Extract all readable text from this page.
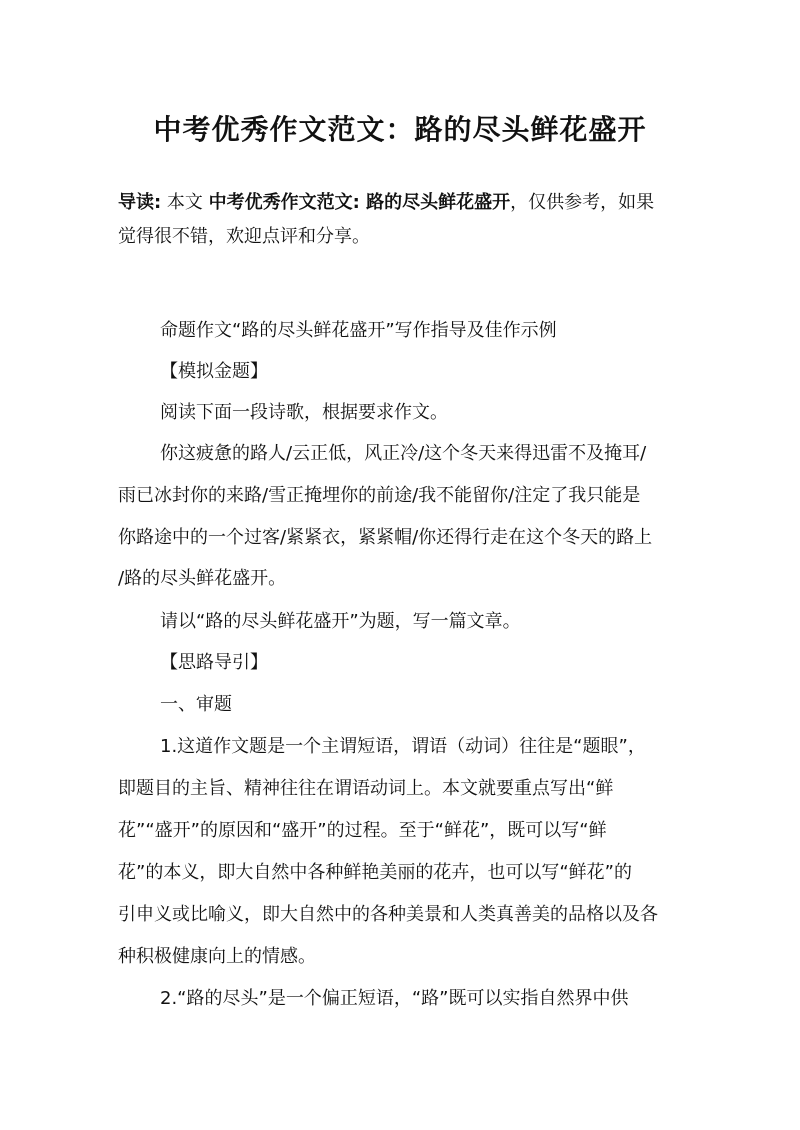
中考优秀作文范文：路的尽头鲜花盛开
导读: 本文 中考优秀作文范文: 路的尽头鲜花盛开，仅供参考，如果
觉得很不错，欢迎点评和分享。
命题作文“路的尽头鲜花盛开”写作指导及佳作示例
【模拟金题】
阅读下面一段诗歌，根据要求作文。
你这疲惫的路人/云正低，风正冷/这个冬天来得迅雷不及掩耳/
雨已冰封你的来路/雪正掩埋你的前途/我不能留你/注定了我只能是
你路途中的一个过客/紧紧衣，紧紧帽/你还得行走在这个冬天的路上
/路的尽头鲜花盛开。
请以“路的尽头鲜花盛开”为题，写一篇文章。
【思路导引】
一、审题
1.这道作文题是一个主谓短语，谓语（动词）往往是“题眼”，
即题目的主旨、精神往往在谓语动词上。本文就要重点写出“鲜
花”“盛开”的原因和“盛开”的过程。至于“鲜花”，既可以写“鲜
花”的本义，即大自然中各种鲜艳美丽的花卉，也可以写“鲜花”的
引申义或比喻义，即大自然中的各种美景和人类真善美的品格以及各
种积极健康向上的情感。
2.“路的尽头”是一个偏正短语，“路”既可以实指自然界中供
